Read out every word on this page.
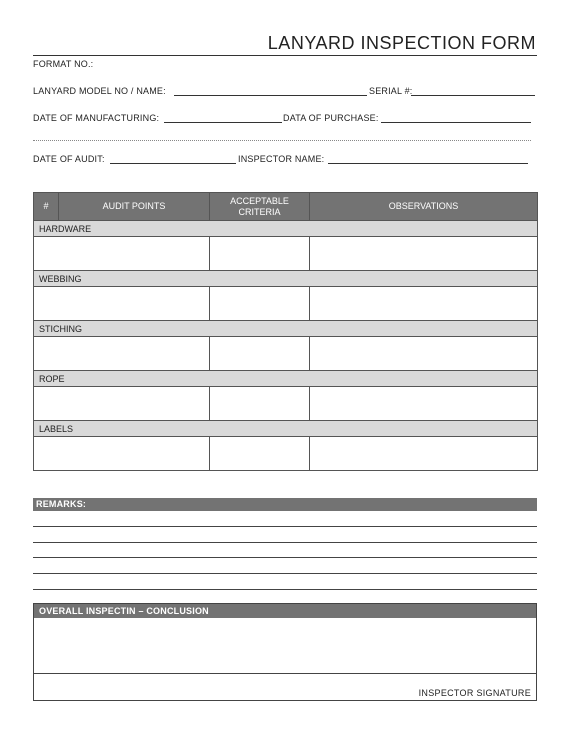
LANYARD INSPECTION FORM
FORMAT NO.:
LANYARD MODEL NO / NAME:	SERIAL #:
DATE OF MANUFACTURING:	DATA OF PURCHASE:
DATE OF AUDIT:	INSPECTOR NAME:
#	AUDIT POINTS	ACCEPTABLE
CRITERIA	OBSERVATIONS
HARDWARE			

WEBBING			

STICHING			

ROPE			

LABELS			

REMARKS:
OVERALL INSPECTIN – CONCLUSION
INSPECTOR SIGNATURE
